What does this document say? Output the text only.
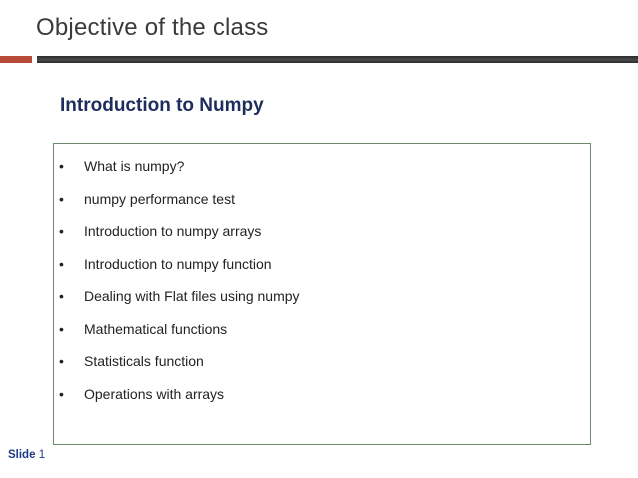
Objective of the class
Introduction to Numpy
•	What is numpy?
•	numpy performance test
•	Introduction to numpy arrays
•	Introduction to numpy function
•	Dealing with Flat files using numpy
•	Mathematical functions
•	Statisticals function
•	Operations with arrays
Slide 1
